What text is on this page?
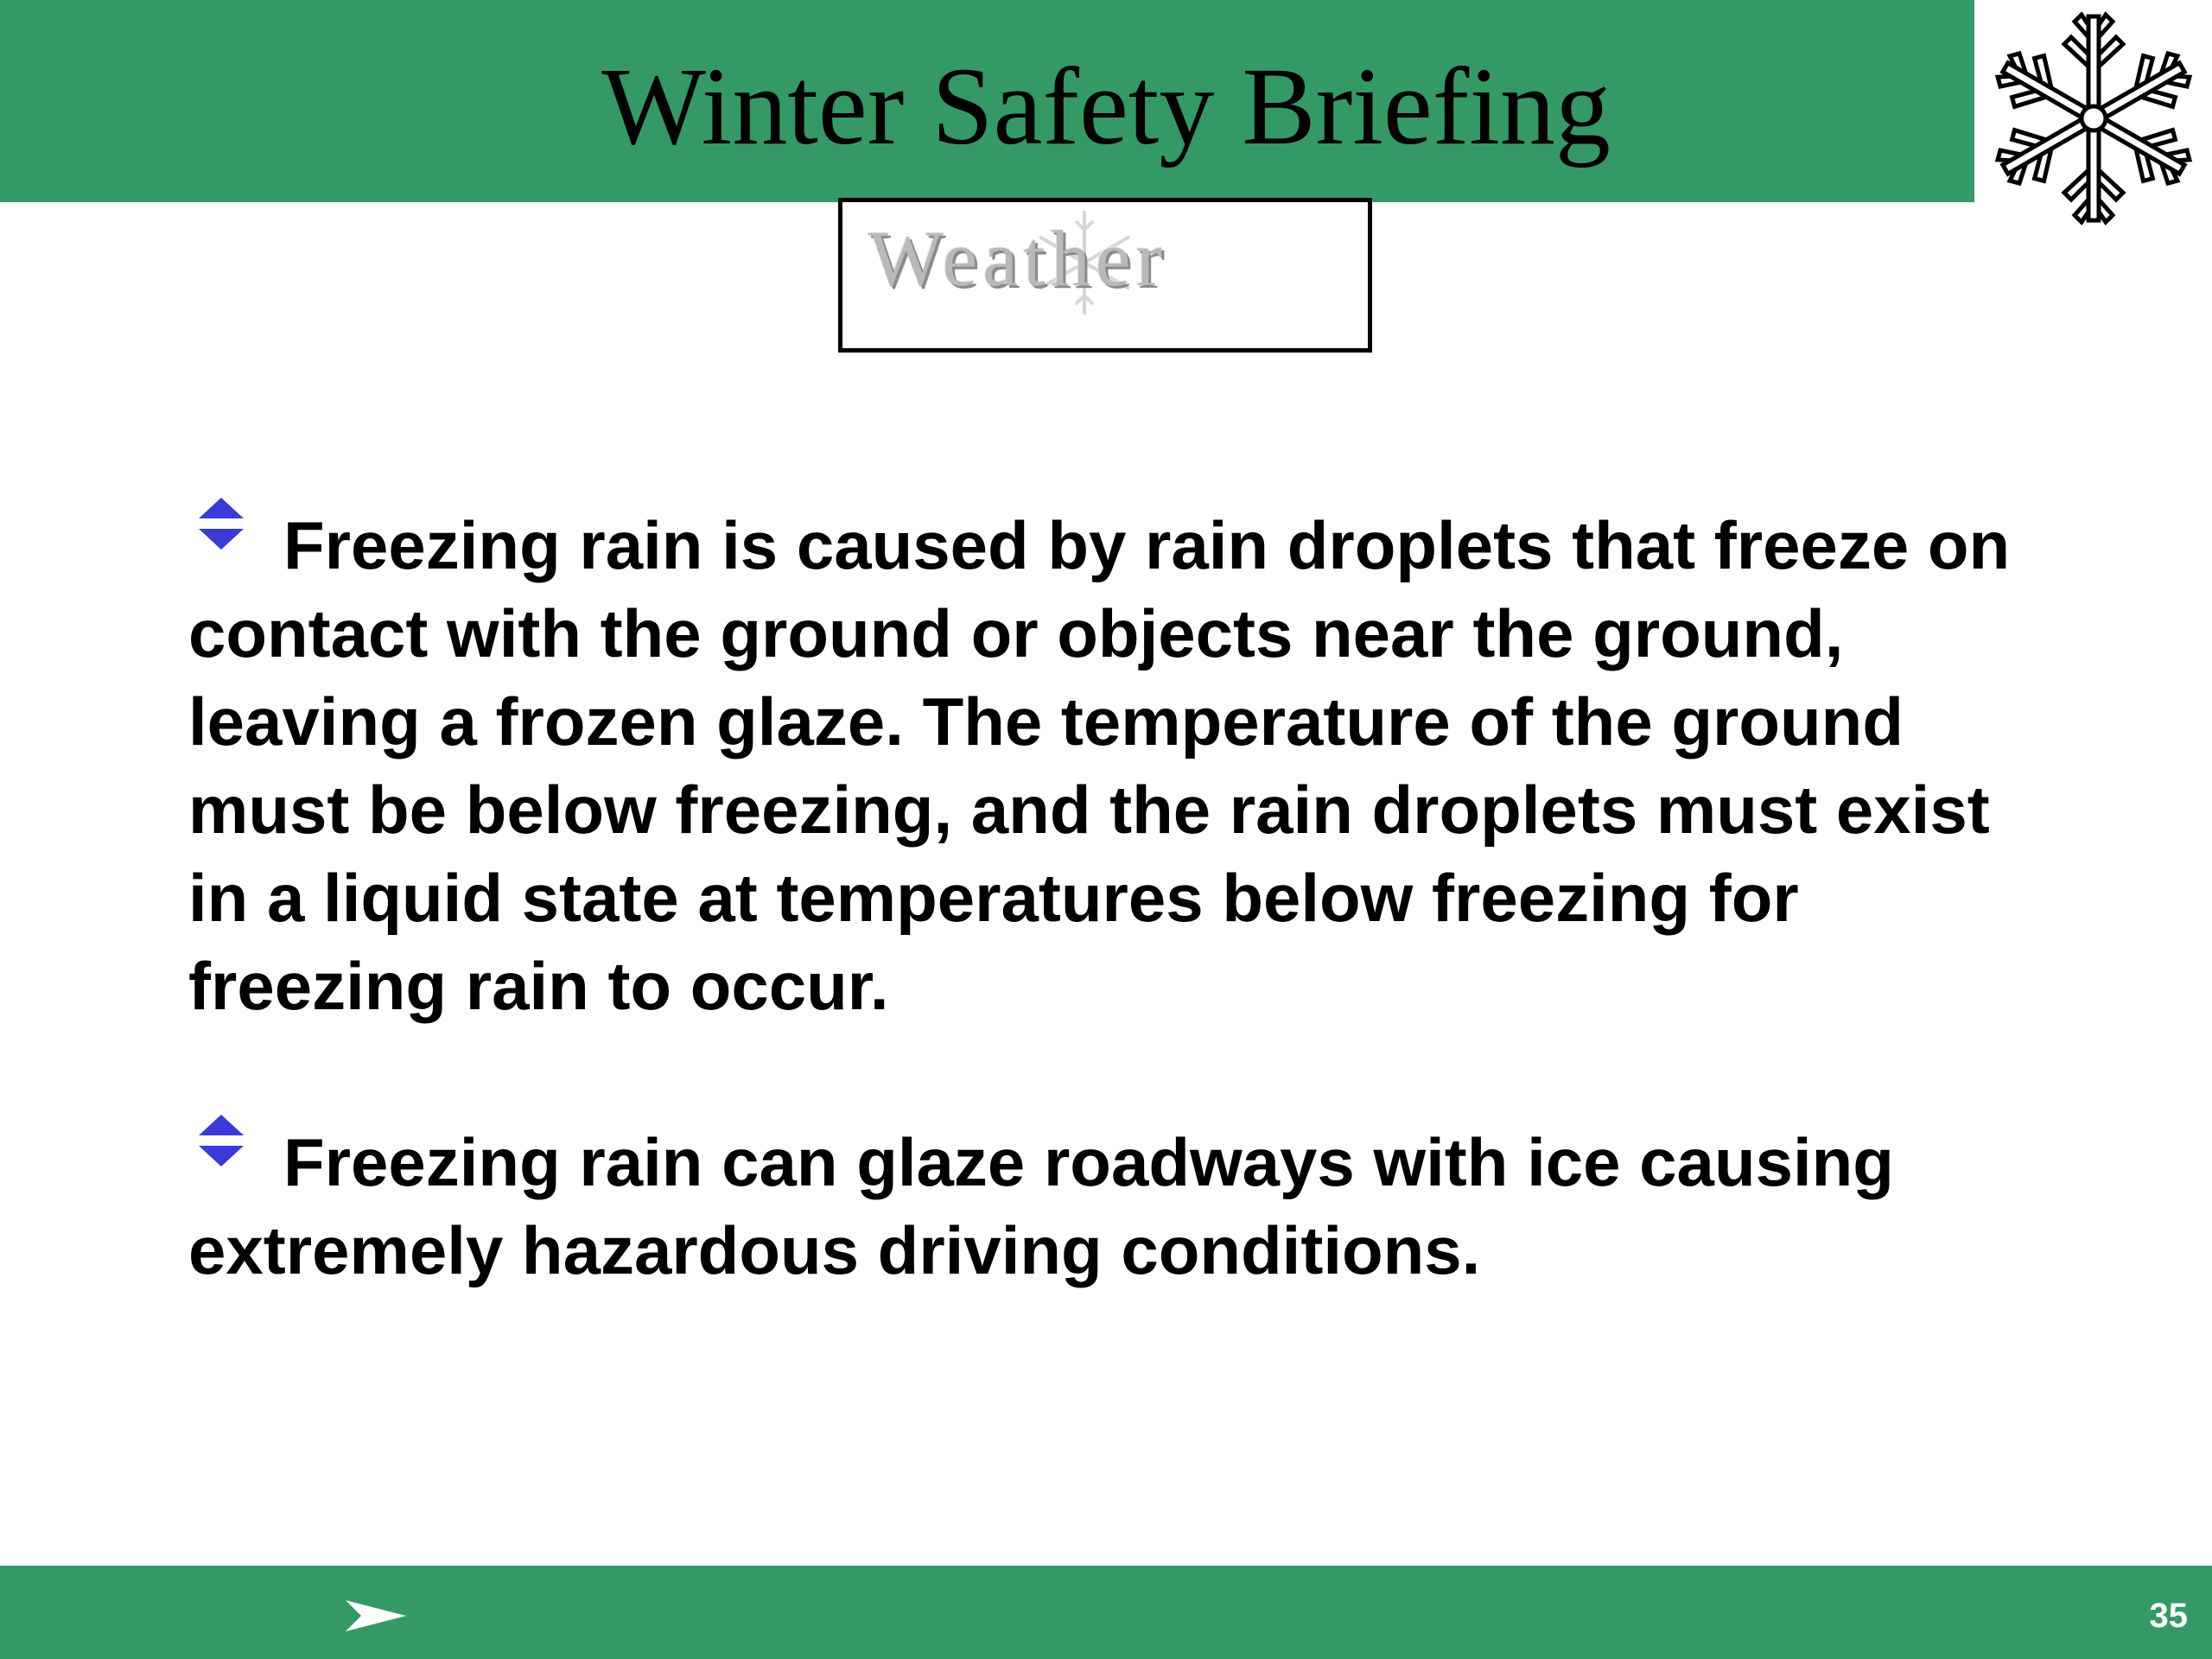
Winter Safety Briefing
Weather

Freezing rain is caused by rain droplets that freeze on contact with the ground or objects near the ground, leaving a frozen glaze. The temperature of the ground must be below freezing, and the rain droplets must exist in a liquid state at temperatures below freezing for freezing rain to occur.

Freezing rain can glaze roadways with ice causing extremely hazardous driving conditions.

35
